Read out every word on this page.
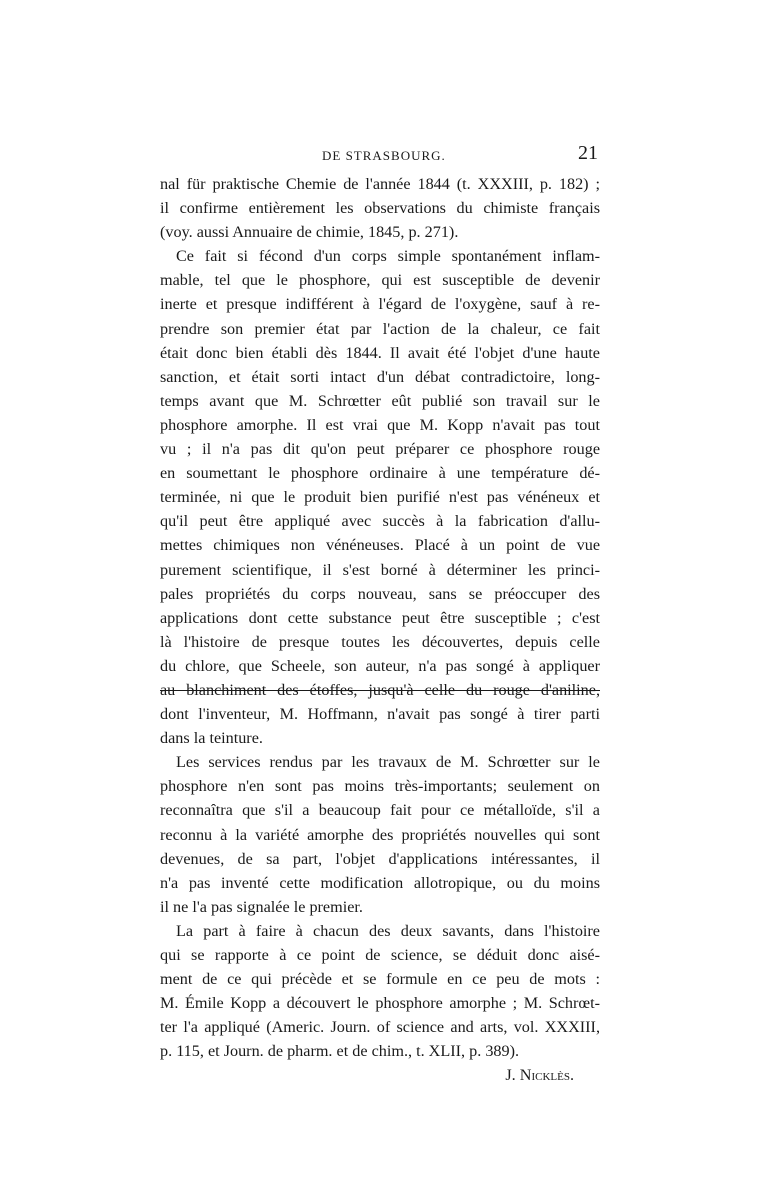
DE STRASBOURG.	21
nal für praktische Chemie de l'année 1844 (t. XXXIII, p. 182) ;
il confirme entièrement les observations du chimiste français
(voy. aussi Annuaire de chimie, 1845, p. 271).
Ce fait si fécond d'un corps simple spontanément inflam-
mable, tel que le phosphore, qui est susceptible de devenir
inerte et presque indifférent à l'égard de l'oxygène, sauf à re-
prendre son premier état par l'action de la chaleur, ce fait
était donc bien établi dès 1844. Il avait été l'objet d'une haute
sanction, et était sorti intact d'un débat contradictoire, long-
temps avant que M. Schrœtter eût publié son travail sur le
phosphore amorphe. Il est vrai que M. Kopp n'avait pas tout
vu ; il n'a pas dit qu'on peut préparer ce phosphore rouge
en soumettant le phosphore ordinaire à une température dé-
terminée, ni que le produit bien purifié n'est pas vénéneux et
qu'il peut être appliqué avec succès à la fabrication d'allu-
mettes chimiques non vénéneuses. Placé à un point de vue
purement scientifique, il s'est borné à déterminer les princi-
pales propriétés du corps nouveau, sans se préoccuper des
applications dont cette substance peut être susceptible ; c'est
là l'histoire de presque toutes les découvertes, depuis celle
du chlore, que Scheele, son auteur, n'a pas songé à appliquer
au blanchiment des étoffes, jusqu'à celle du rouge d'aniline,
dont l'inventeur, M. Hoffmann, n'avait pas songé à tirer parti
dans la teinture.
Les services rendus par les travaux de M. Schrœtter sur le
phosphore n'en sont pas moins très-importants; seulement on
reconnaîtra que s'il a beaucoup fait pour ce métalloïde, s'il a
reconnu à la variété amorphe des propriétés nouvelles qui sont
devenues, de sa part, l'objet d'applications intéressantes, il
n'a pas inventé cette modification allotropique, ou du moins
il ne l'a pas signalée le premier.
La part à faire à chacun des deux savants, dans l'histoire
qui se rapporte à ce point de science, se déduit donc aisé-
ment de ce qui précède et se formule en ce peu de mots :
M. Émile Kopp a découvert le phosphore amorphe ; M. Schrœt-
ter l'a appliqué (Americ. Journ. of science and arts, vol. XXXIII,
p. 115, et Journ. de pharm. et de chim., t. XLII, p. 389).
J. Nicklès.
